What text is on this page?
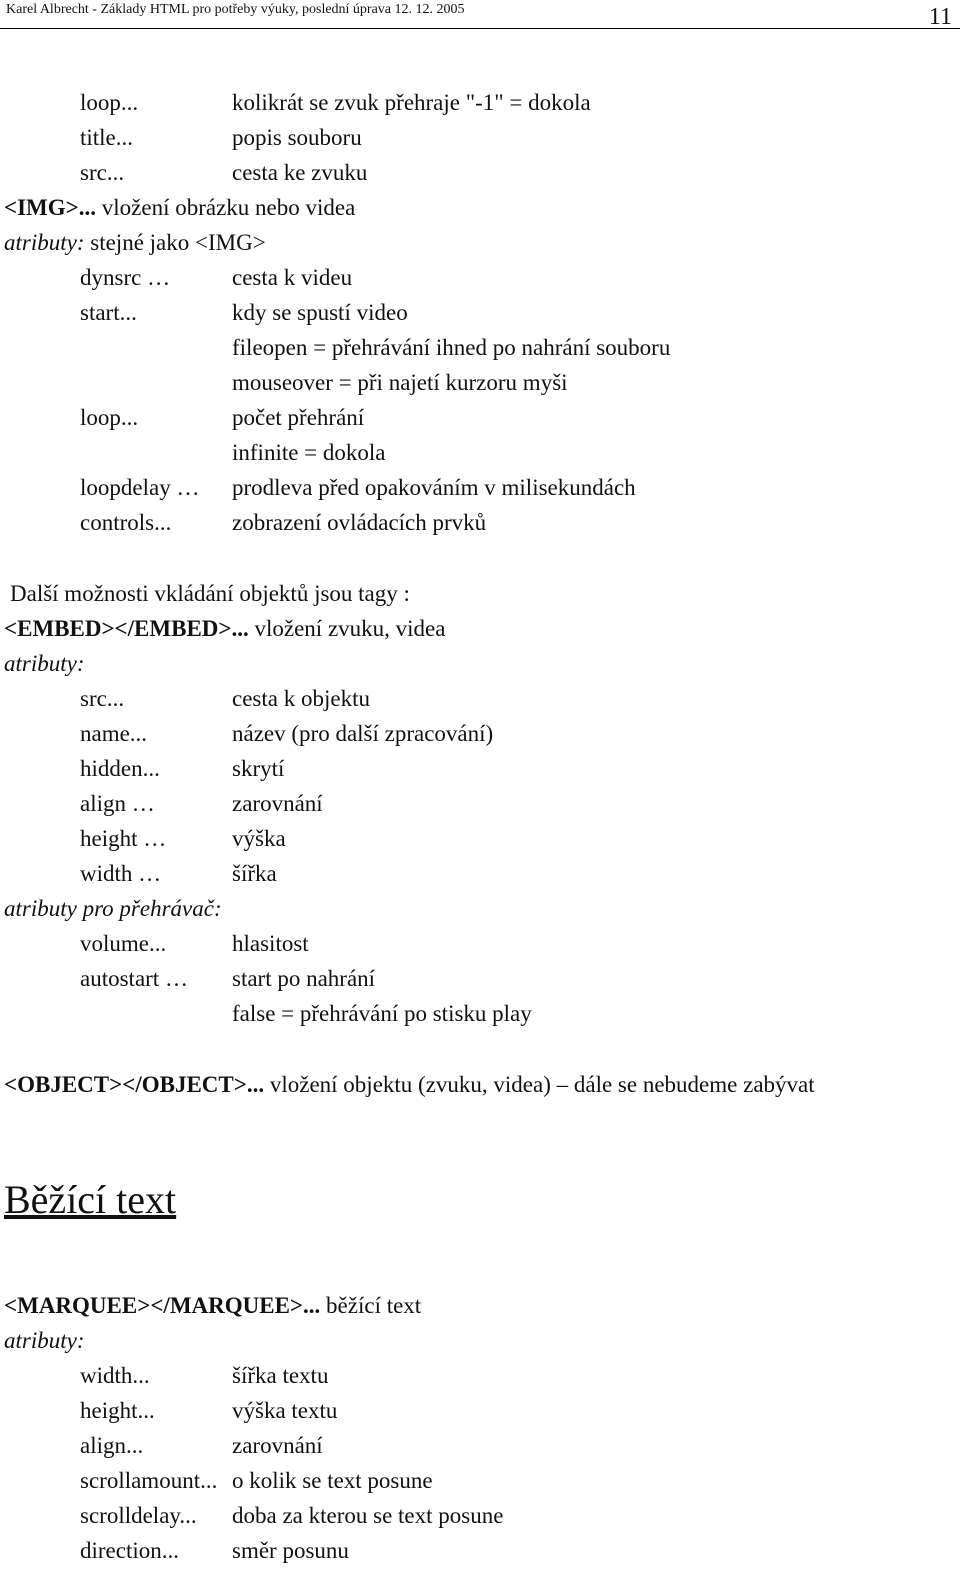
Karel Albrecht - Základy HTML pro potřeby výuky, poslední úprava 12. 12. 2005	11
loop...	kolikrát se zvuk přehraje "-1" = dokola
title...	popis souboru
src...	cesta ke zvuku
<IMG>... vložení obrázku nebo videa
atributy: stejné jako <IMG>
dynsrc …	cesta k videu
start...	kdy se spustí video
fileopen = přehrávání ihned po nahrání souboru
mouseover = při najetí kurzoru myši
loop...	počet přehrání
infinite = dokola
loopdelay … prodleva před opakováním v milisekundách
controls...	zobrazení ovládacích prvků
Další možnosti vkládání objektů jsou tagy :
<EMBED></EMBED>... vložení zvuku, videa
atributy:
src...	cesta k objektu
name...	název (pro další zpracování)
hidden...	skrytí
align …	zarovnání
height …	výška
width …	šířka
atributy pro přehrávač:
volume...	hlasitost
autostart … start po nahrání
false = přehrávání po stisku play
<OBJECT></OBJECT>... vložení objektu (zvuku, videa) – dále se nebudeme zabývat
Běžící text
<MARQUEE></MARQUEE>... běžící text
atributy:
width...	šířka textu
height...	výška textu
align...	zarovnání
scrollamount... o kolik se text posune
scrolldelay... doba za kterou se text posune
direction... směr posunu
